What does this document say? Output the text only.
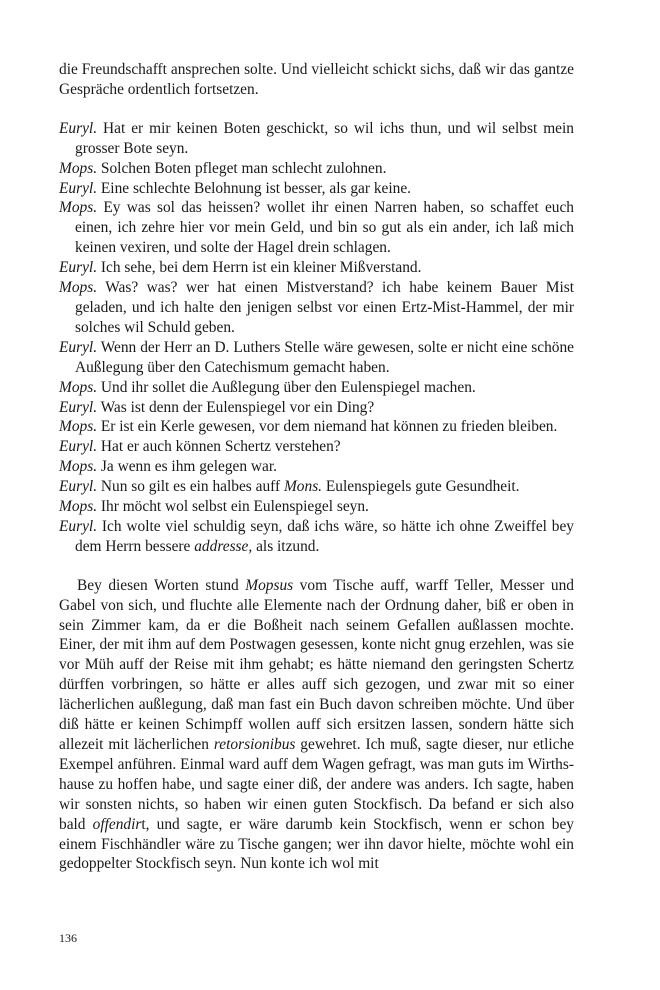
die Freundschafft ansprechen solte. Und vielleicht schickt sichs, daß wir das gantze Gespräche ordentlich fortsetzen.

Euryl. Hat er mir keinen Boten geschickt, so wil ichs thun, und wil selbst mein grosser Bote seyn.

Mops. Solchen Boten pfleget man schlecht zulohnen.

Euryl. Eine schlechte Belohnung ist besser, als gar keine.

Mops. Ey was sol das heissen? wollet ihr einen Narren haben, so schaffet euch einen, ich zehre hier vor mein Geld, und bin so gut als ein ander, ich laß mich keinen vexiren, und solte der Hagel drein schlagen.

Euryl. Ich sehe, bei dem Herrn ist ein kleiner Mißverstand.

Mops. Was? was? wer hat einen Mistverstand? ich habe keinem Bauer Mist geladen, und ich halte den jenigen selbst vor einen Ertz-Mist-Hammel, der mir solches wil Schuld geben.

Euryl. Wenn der Herr an D. Luthers Stelle wäre gewesen, solte er nicht eine schöne Außlegung über den Catechismum gemacht haben.

Mops. Und ihr sollet die Außlegung über den Eulenspiegel machen.

Euryl. Was ist denn der Eulenspiegel vor ein Ding?

Mops. Er ist ein Kerle gewesen, vor dem niemand hat können zu frieden bleiben.

Euryl. Hat er auch können Schertz verstehen?

Mops. Ja wenn es ihm gelegen war.

Euryl. Nun so gilt es ein halbes auff Mons. Eulenspiegels gute Gesundheit.

Mops. Ihr möcht wol selbst ein Eulenspiegel seyn.

Euryl. Ich wolte viel schuldig seyn, daß ichs wäre, so hätte ich ohne Zweiffel bey dem Herrn bessere addresse, als itzund.

Bey diesen Worten stund Mopsus vom Tische auff, warff Teller, Messer und Gabel von sich, und fluchte alle Elemente nach der Ordnung daher, biß er oben in sein Zimmer kam, da er die Boßheit nach seinem Gefallen außlassen mochte. Einer, der mit ihm auf dem Postwagen gesessen, konte nicht gnug erzehlen, was sie vor Müh auff der Reise mit ihm gehabt; es hätte niemand den geringsten Schertz dürffen vorbringen, so hätte er alles auff sich gezogen, und zwar mit so einer lächerlichen außlegung, daß man fast ein Buch davon schreiben möchte. Und über diß hätte er keinen Schimpff wollen auff sich ersitzen lassen, sondern hätte sich allezeit mit lächerlichen retorsionibus gewehret. Ich muß, sagte dieser, nur etliche Exempel anführen. Einmal ward auff dem Wagen gefragt, was man guts im Wirthshause zu hoffen habe, und sagte einer diß, der andere was anders. Ich sagte, haben wir sonsten nichts, so haben wir einen guten Stockfisch. Da befand er sich also bald offendirt, und sagte, er wäre darumb kein Stockfisch, wenn er schon bey einem Fischhändler wäre zu Tische gangen; wer ihn davor hielte, möchte wohl ein gedoppelter Stockfisch seyn. Nun konte ich wol mit

136
